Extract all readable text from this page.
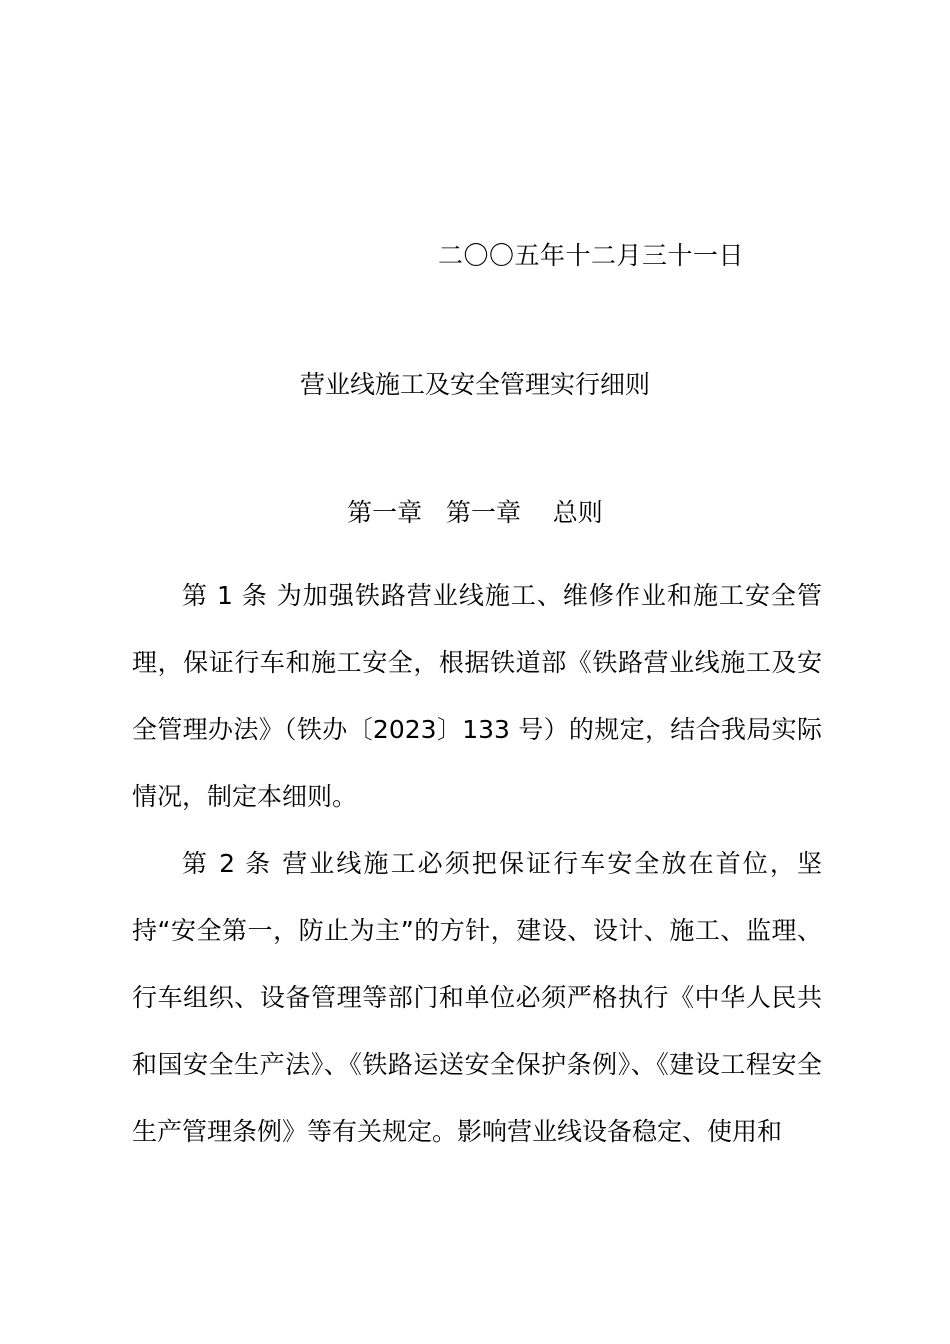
二〇〇五年十二月三十一日
营业线施工及安全管理实行细则
第一章   第一章    总则

第 1 条 为加强铁路营业线施工、维修作业和施工安全管理，保证行车和施工安全，根据铁道部《铁路营业线施工及安全管理办法》（铁办〔2023〕133 号）的规定，结合我局实际情况，制定本细则。

第 2 条 营业线施工必须把保证行车安全放在首位，坚持“安全第一，防止为主”的方针，建设、设计、施工、监理、行车组织、设备管理等部门和单位必须严格执行《中华人民共和国安全生产法》、《铁路运送安全保护条例》、《建设工程安全生产管理条例》等有关规定。影响营业线设备稳定、使用和
